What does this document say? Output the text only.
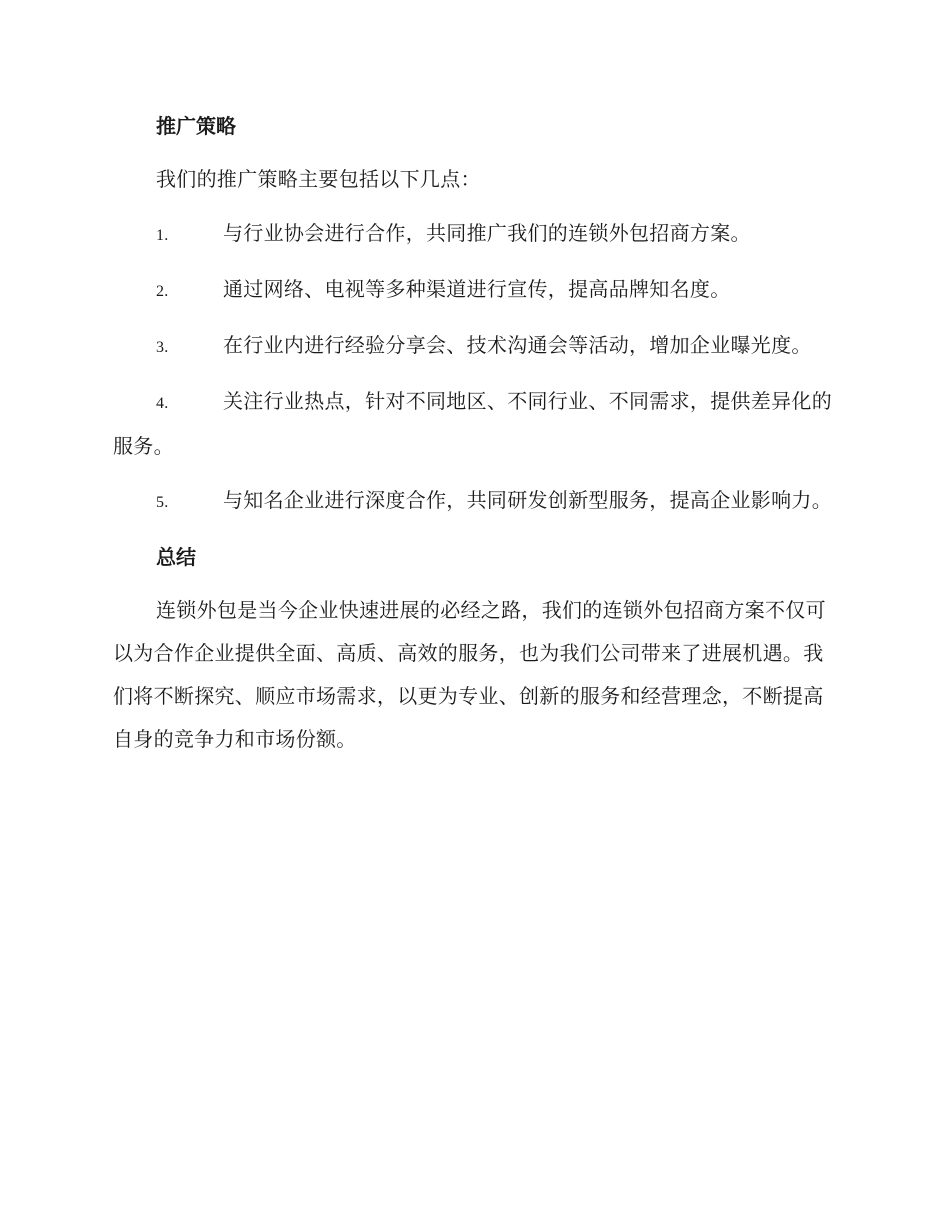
推广策略

我们的推广策略主要包括以下几点：

1.	与行业协会进行合作，共同推广我们的连锁外包招商方案。

2.	通过网络、电视等多种渠道进行宣传，提高品牌知名度。

3.	在行业内进行经验分享会、技术沟通会等活动，增加企业曝光度。

4.	关注行业热点，针对不同地区、不同行业、不同需求，提供差异化的服务。

5.	与知名企业进行深度合作，共同研发创新型服务，提高企业影响力。

总结

连锁外包是当今企业快速进展的必经之路，我们的连锁外包招商方案不仅可以为合作企业提供全面、高质、高效的服务，也为我们公司带来了进展机遇。我们将不断探究、顺应市场需求，以更为专业、创新的服务和经营理念，不断提高自身的竞争力和市场份额。
